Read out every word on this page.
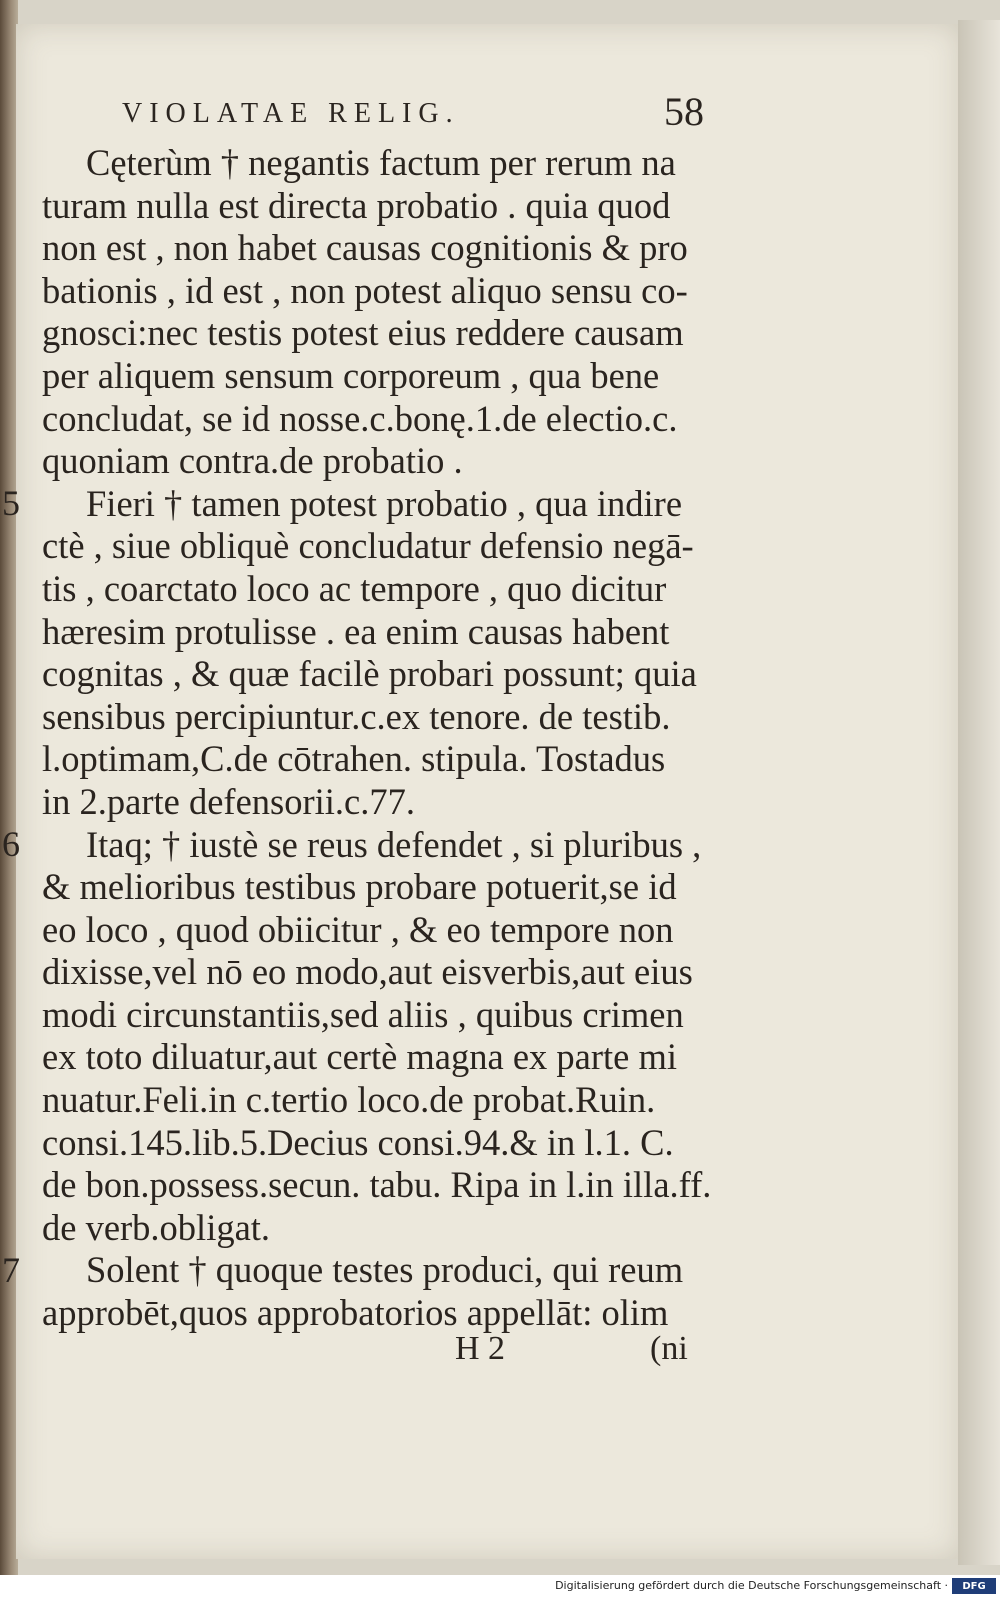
VIOLATAE RELIG.	58
5
6
7
Cęterùm † negantis factum per rerum na
turam nulla est directa probatio . quia quod
non est , non habet causas cognitionis & pro
bationis , id est , non potest aliquo sensu co-
gnosci:nec testis potest eius reddere causam
per aliquem sensum corporeum , qua bene
concludat, se id nosse.c.bonę.1.de electio.c.
quoniam contra.de probatio .
Fieri † tamen potest probatio , qua indire
ctè , siue obliquè concludatur defensio negā-
tis , coarctato loco ac tempore , quo dicitur
hæresim protulisse . ea enim causas habent
cognitas , & quæ facilè probari possunt; quia
sensibus percipiuntur.c.ex tenore. de testib.
l.optimam,C.de cōtrahen. stipula. Tostadus
in 2.parte defensorii.c.77.
Itaq; † iustè se reus defendet , si pluribus ,
& melioribus testibus probare potuerit,se id
eo loco , quod obiicitur , & eo tempore non
dixisse,vel nō eo modo,aut eisverbis,aut eius
modi circunstantiis,sed aliis , quibus crimen
ex toto diluatur,aut certè magna ex parte mi
nuatur.Feli.in c.tertio loco.de probat.Ruin.
consi.145.lib.5.Decius consi.94.& in l.1. C.
de bon.possess.secun. tabu. Ripa in l.in illa.ff.
de verb.obligat.
Solent † quoque testes produci, qui reum
approbēt,quos approbatorios appellāt: olim
H 2	(ni
Digitalisierung gefördert durch die Deutsche Forschungsgemeinschaft ·	DFG
